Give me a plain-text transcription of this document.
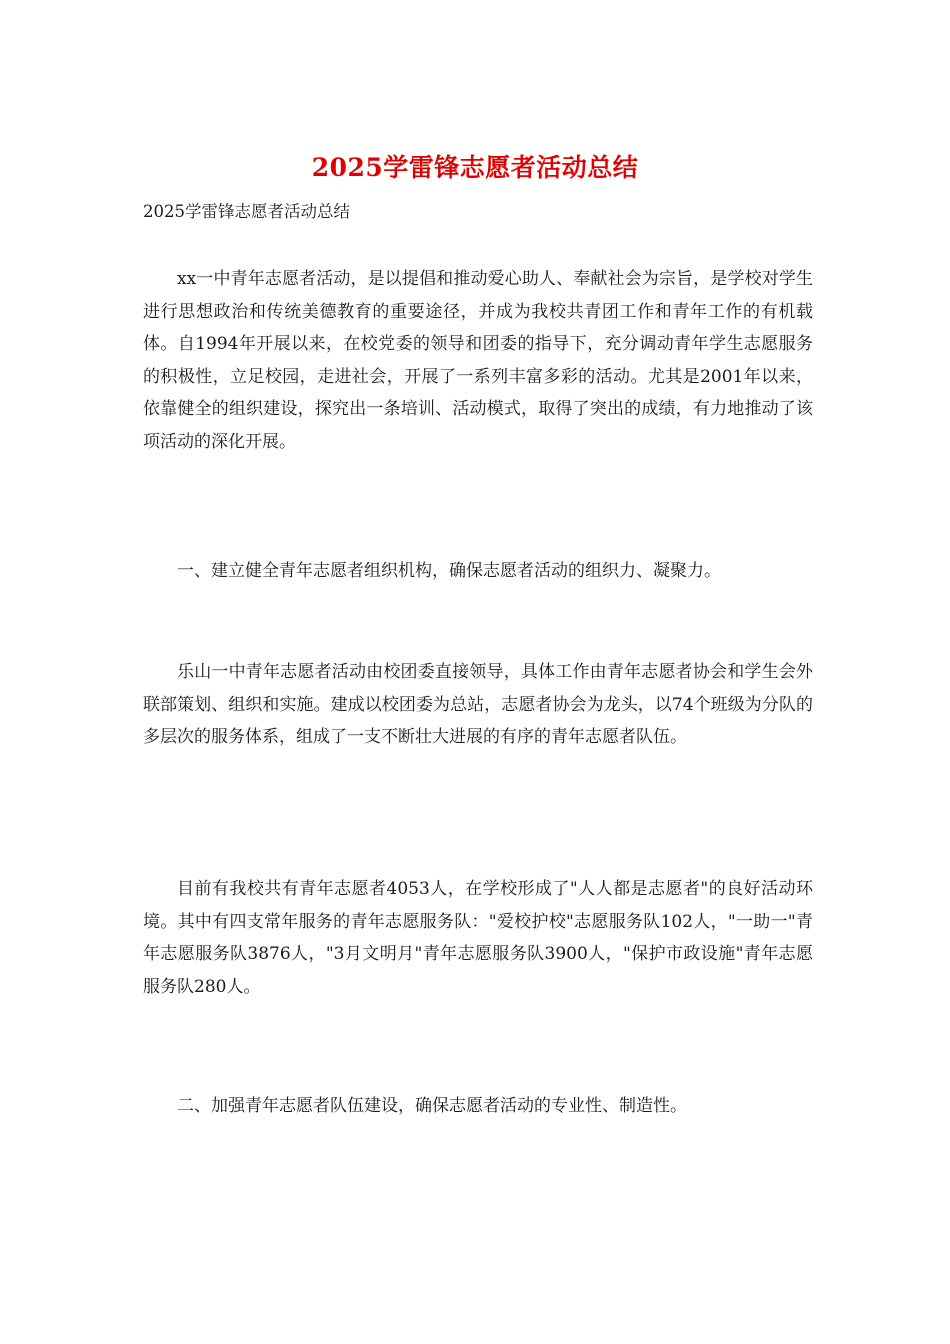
2025学雷锋志愿者活动总结
2025学雷锋志愿者活动总结

xx一中青年志愿者活动，是以提倡和推动爱心助人、奉献社会为宗旨，是学校对学生进行思想政治和传统美德教育的重要途径，并成为我校共青团工作和青年工作的有机载体。自1994年开展以来，在校党委的领导和团委的指导下，充分调动青年学生志愿服务的积极性，立足校园，走进社会，开展了一系列丰富多彩的活动。尤其是2001年以来，依靠健全的组织建设，探究出一条培训、活动模式，取得了突出的成绩，有力地推动了该项活动的深化开展。

一、建立健全青年志愿者组织机构，确保志愿者活动的组织力、凝聚力。

乐山一中青年志愿者活动由校团委直接领导，具体工作由青年志愿者协会和学生会外联部策划、组织和实施。建成以校团委为总站，志愿者协会为龙头，以74个班级为分队的多层次的服务体系，组成了一支不断壮大进展的有序的青年志愿者队伍。

目前有我校共有青年志愿者4053人，在学校形成了"人人都是志愿者"的良好活动环境。其中有四支常年服务的青年志愿服务队："爱校护校"志愿服务队102人，"一助一"青年志愿服务队3876人，"3月文明月"青年志愿服务队3900人，"保护市政设施"青年志愿服务队280人。

二、加强青年志愿者队伍建设，确保志愿者活动的专业性、制造性。
